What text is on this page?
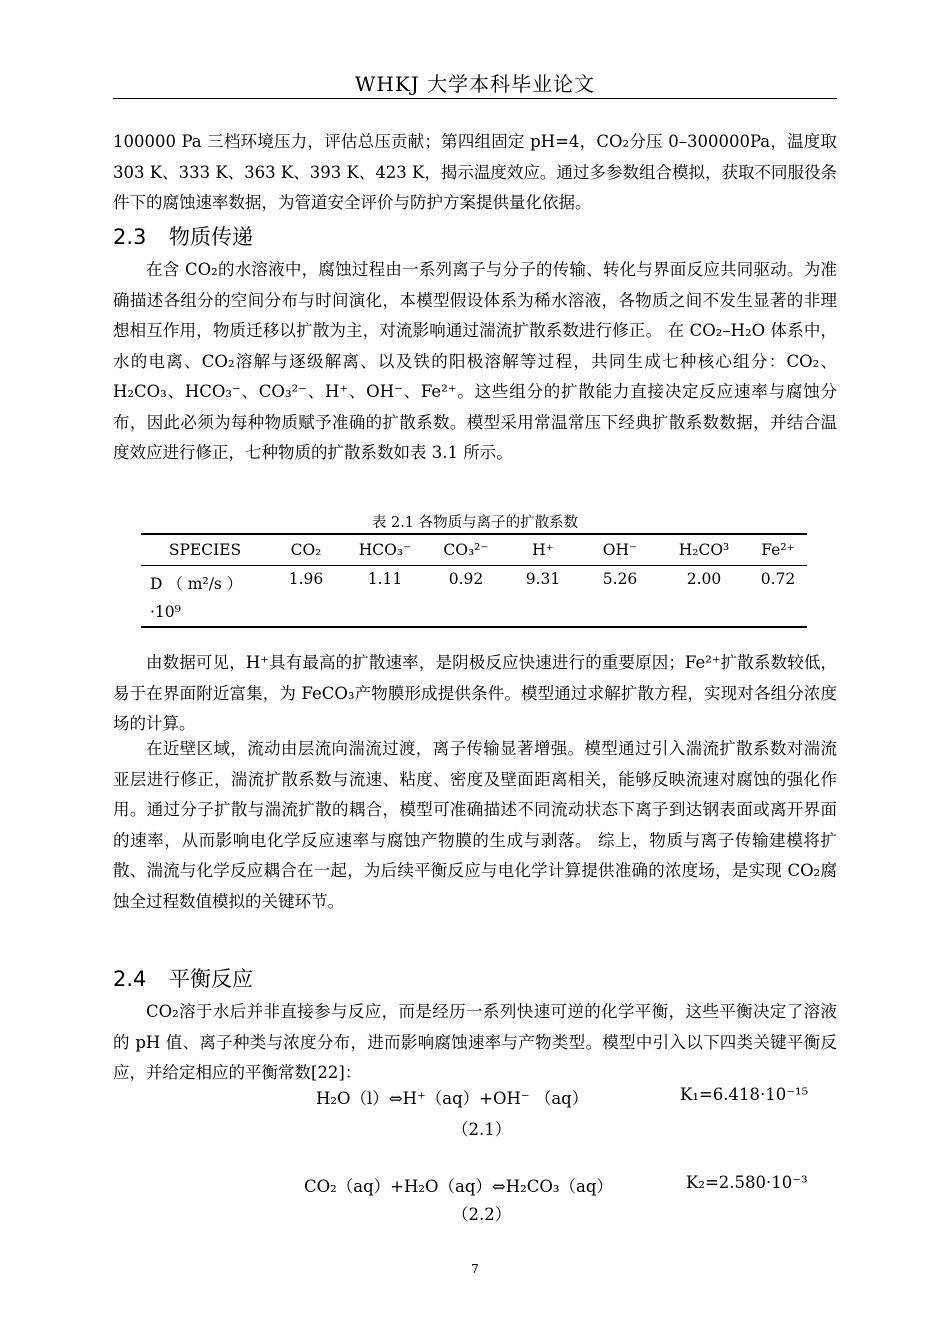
WHKJ 大学本科毕业论文
100000 Pa 三档环境压力，评估总压贡献；第四组固定 pH=4，CO₂分压 0–300000Pa，温度取 303 K、333 K、363 K、393 K、423 K，揭示温度效应。通过多参数组合模拟，获取不同服役条件下的腐蚀速率数据，为管道安全评价与防护方案提供量化依据。
2.3 物质传递
在含 CO₂的水溶液中，腐蚀过程由一系列离子与分子的传输、转化与界面反应共同驱动。为准确描述各组分的空间分布与时间演化，本模型假设体系为稀水溶液，各物质之间不发生显著的非理想相互作用，物质迁移以扩散为主，对流影响通过湍流扩散系数进行修正。 在 CO₂–H₂O 体系中，水的电离、CO₂溶解与逐级解离、以及铁的阳极溶解等过程，共同生成七种核心组分：CO₂、H₂CO₃、HCO₃⁻、CO₃²⁻、H⁺、OH⁻、Fe²⁺。这些组分的扩散能力直接决定反应速率与腐蚀分布，因此必须为每种物质赋予准确的扩散系数。模型采用常温常压下经典扩散系数数据，并结合温度效应进行修正，七种物质的扩散系数如表 3.1 所示。
表 2.1 各物质与离子的扩散系数
SPECIES	CO₂	HCO₃⁻	CO₃²⁻	H⁺	OH⁻	H₂CO³	Fe²⁺

D （ m²/s ）
·10⁹	1.96	1.11	0.92	9.31	5.26	2.00	0.72
由数据可见，H⁺具有最高的扩散速率，是阴极反应快速进行的重要原因；Fe²⁺扩散系数较低，易于在界面附近富集，为 FeCO₃产物膜形成提供条件。模型通过求解扩散方程，实现对各组分浓度场的计算。
在近壁区域，流动由层流向湍流过渡，离子传输显著增强。模型通过引入湍流扩散系数对湍流亚层进行修正，湍流扩散系数与流速、粘度、密度及壁面距离相关，能够反映流速对腐蚀的强化作用。通过分子扩散与湍流扩散的耦合，模型可准确描述不同流动状态下离子到达钢表面或离开界面的速率，从而影响电化学反应速率与腐蚀产物膜的生成与剥落。 综上，物质与离子传输建模将扩散、湍流与化学反应耦合在一起，为后续平衡反应与电化学计算提供准确的浓度场，是实现 CO₂腐蚀全过程数值模拟的关键环节。
2.4 平衡反应
CO₂溶于水后并非直接参与反应，而是经历一系列快速可逆的化学平衡，这些平衡决定了溶液的 pH 值、离子种类与浓度分布，进而影响腐蚀速率与产物类型。模型中引入以下四类关键平衡反应，并给定相应的平衡常数[22]：
H₂O（l）⇔H⁺（aq）+OH⁻ （aq）	K₁=6.418·10⁻¹⁵
（2.1）
CO₂（aq）+H₂O（aq）⇔H₂CO₃（aq）	K₂=2.580·10⁻³
（2.2）
7
